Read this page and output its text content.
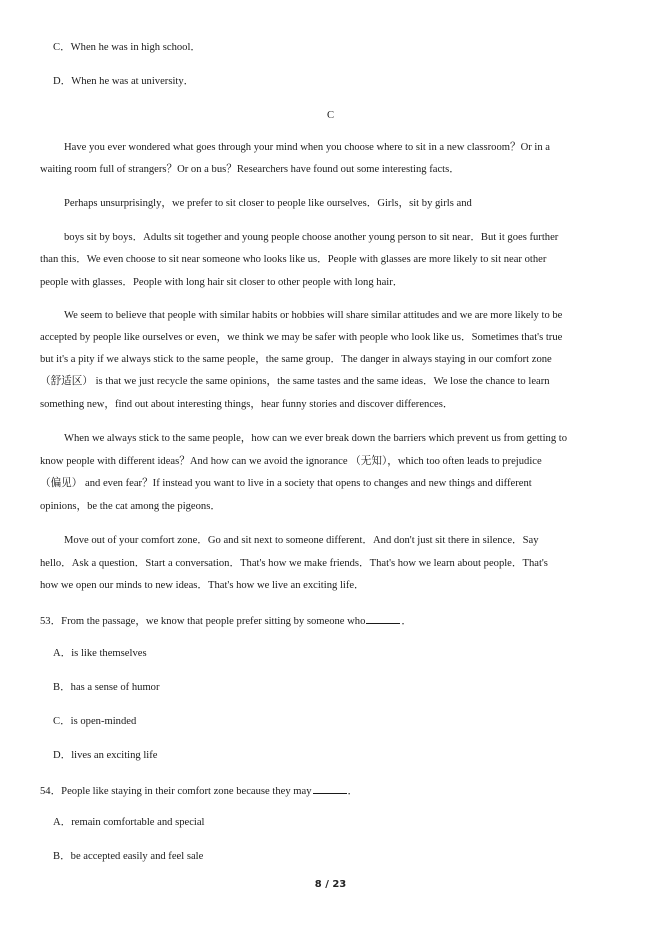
C．When he was in high school．
D．When he was at university．
C
Have you ever wondered what goes through your mind when you choose where to sit in a new classroom？Or in a
waiting room full of strangers？Or on a bus？Researchers have found out some interesting facts．
Perhaps unsurprisingly，we prefer to sit closer to people like ourselves．Girls，sit by girls and
boys sit by boys．Adults sit together and young people choose another young person to sit near．But it goes further
than this．We even choose to sit near someone who looks like us．People with glasses are more likely to sit near other
people with glasses．People with long hair sit closer to other people with long hair．
We seem to believe that people with similar habits or hobbies will share similar attitudes and we are more likely to be
accepted by people like ourselves or even，we think we may be safer with people who look like us．Sometimes that's true
but it's a pity if we always stick to the same people，the same group．The danger in always staying in our comfort zone
（舒适区） is that we just recycle the same opinions，the same tastes and the same ideas．We lose the chance to learn
something new，find out about interesting things，hear funny stories and discover differences．
When we always stick to the same people，how can we ever break down the barriers which prevent us from getting to
know people with different ideas？And how can we avoid the ignorance （无知），which too often leads to prejudice
（偏见） and even fear？If instead you want to live in a society that opens to changes and new things and different
opinions，be the cat among the pigeons．
Move out of your comfort zone．Go and sit next to someone different．And don't just sit there in silence．Say
hello．Ask a question．Start a conversation．That's how we make friends．That's how we learn about people．That's
how we open our minds to new ideas．That's how we live an exciting life．
53．From the passage，we know that people prefer sitting by someone who	．
A．is like themselves
B．has a sense of humor
C．is open-minded
D．lives an exciting life
54．People like staying in their comfort zone because they may	．
A．remain comfortable and special
B．be accepted easily and feel sale
8 / 23
